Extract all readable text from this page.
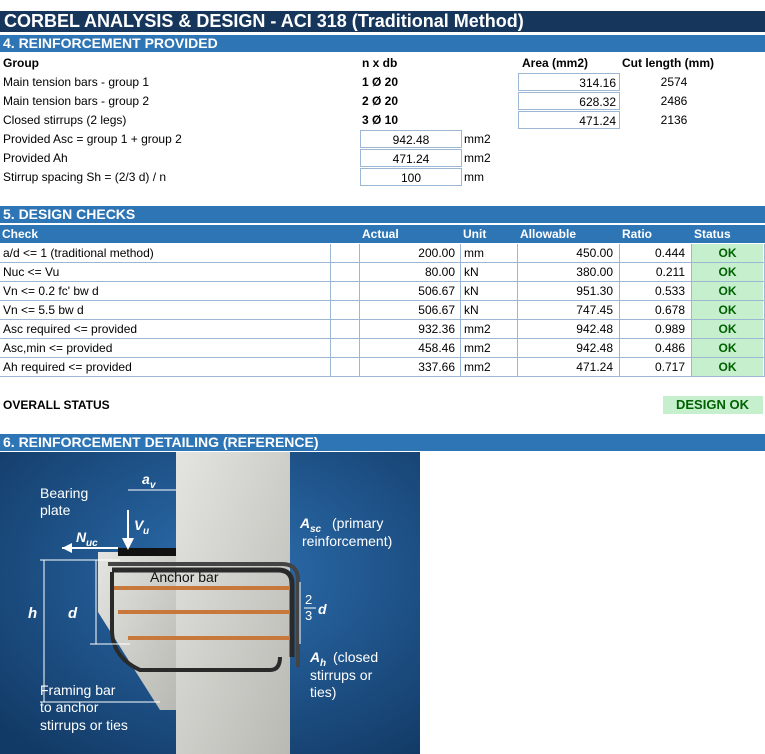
CORBEL ANALYSIS & DESIGN - ACI 318 (Traditional Method)
4. REINFORCEMENT PROVIDED
Group	n x db	Area (mm2)	Cut length (mm)
Main tension bars - group 1	1 Ø 20	314.16	2574
Main tension bars - group 2	2 Ø 20	628.32	2486
Closed stirrups (2 legs)	3 Ø 10	471.24	2136
Provided Asc = group 1 + group 2	942.48	mm2
Provided Ah	471.24	mm2
Stirrup spacing Sh = (2/3 d) / n	100	mm
5. DESIGN CHECKS
Check	Actual	Unit	Allowable	Ratio	Status
a/d <= 1 (traditional method)	200.00 mm	450.00	0.444	OK
Nuc <= Vu	80.00 kN	380.00	0.211	OK
Vn <= 0.2 fc' bw d	506.67 kN	951.30	0.533	OK
Vn <= 5.5 bw d	506.67 kN	747.45	0.678	OK
Asc required <= provided	932.36 mm2	942.48	0.989	OK
Asc,min <= provided	458.46 mm2	942.48	0.486	OK
Ah required <= provided	337.66 mm2	471.24	0.717	OK
OVERALL STATUS	DESIGN OK
6. REINFORCEMENT DETAILING (REFERENCE)
Bearing
plate
a v
V u
N uc
A sc (primary
reinforcement)
Anchor bar
h d
2
3 d
A h (closed
stirrups or
ties)
Framing bar
to anchor
stirrups or ties
